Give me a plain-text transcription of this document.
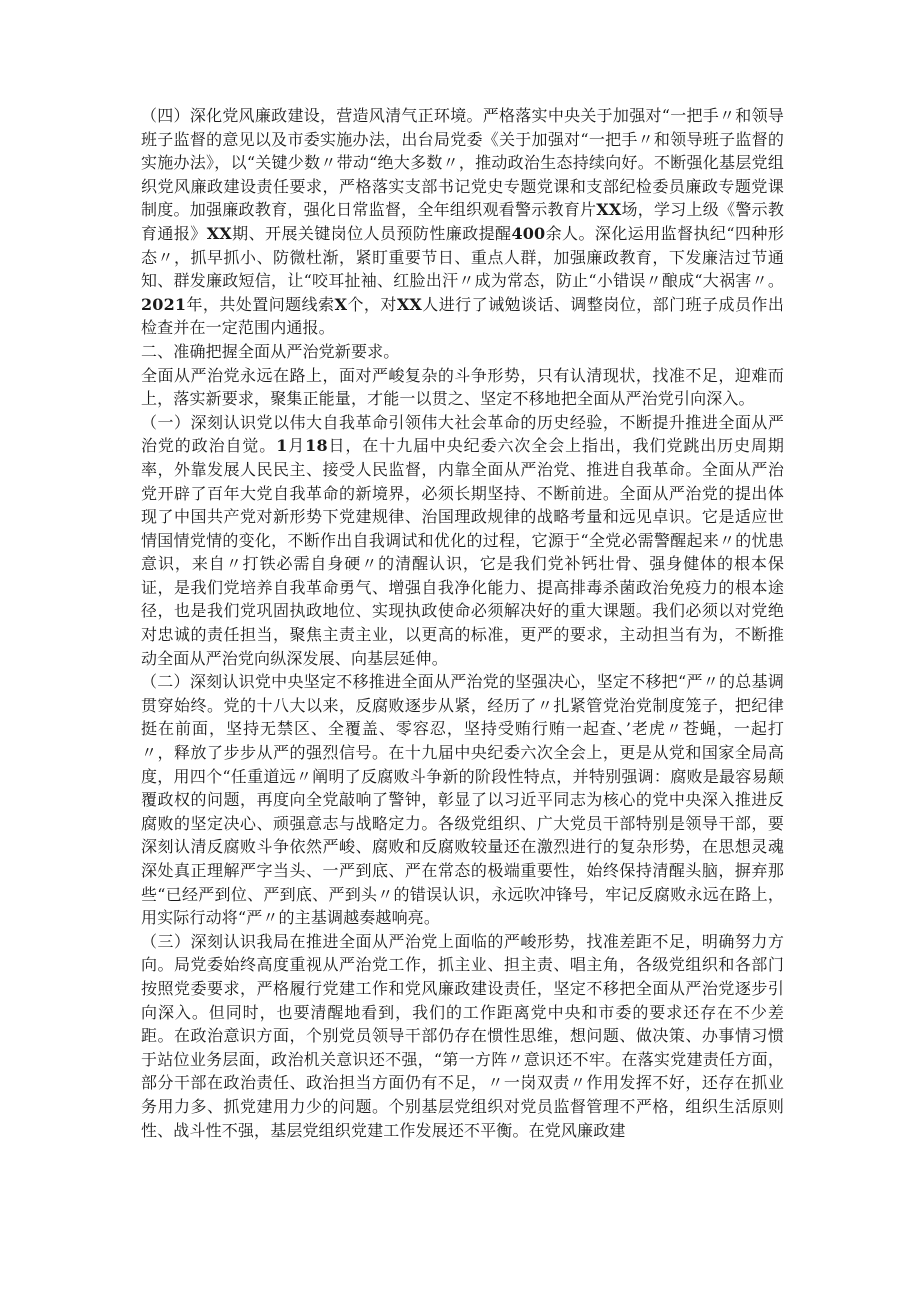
（四）深化党风廉政建设，营造风清气正环境。严格落实中央关于加强对“一把手〃和领导班子监督的意见以及市委实施办法，出台局党委《关于加强对“一把手〃和领导班子监督的实施办法》，以“关键少数〃带动“绝大多数〃，推动政治生态持续向好。不断强化基层党组织党风廉政建设责任要求，严格落实支部书记党史专题党课和支部纪检委员廉政专题党课制度。加强廉政教育，强化日常监督，全年组织观看警示教育片XX场，学习上级《警示教育通报》XX期、开展关键岗位人员预防性廉政提醒400余人。深化运用监督执纪“四种形态〃，抓早抓小、防微杜渐，紧盯重要节日、重点人群，加强廉政教育，下发廉洁过节通知、群发廉政短信，让“咬耳扯袖、红脸出汗〃成为常态，防止“小错误〃酿成“大祸害〃。2021年，共处置问题线索X个，对XX人进行了诫勉谈话、调整岗位，部门班子成员作出检查并在一定范围内通报。

二、准确把握全面从严治党新要求。

全面从严治党永远在路上，面对严峻复杂的斗争形势，只有认清现状，找准不足，迎难而上，落实新要求，聚集正能量，才能一以贯之、坚定不移地把全面从严治党引向深入。

（一）深刻认识党以伟大自我革命引领伟大社会革命的历史经验，不断提升推进全面从严治党的政治自觉。1月18日，在十九届中央纪委六次全会上指出，我们党跳出历史周期率，外靠发展人民民主、接受人民监督，内靠全面从严治党、推进自我革命。全面从严治党开辟了百年大党自我革命的新境界，必须长期坚持、不断前进。全面从严治党的提出体现了中国共产党对新形势下党建规律、治国理政规律的战略考量和远见卓识。它是适应世情国情党情的变化，不断作出自我调试和优化的过程，它源于“全党必需警醒起来〃的忧患意识，来自〃打铁必需自身硬〃的清醒认识，它是我们党补钙壮骨、强身健体的根本保证，是我们党培养自我革命勇气、增强自我净化能力、提高排毒杀菌政治免疫力的根本途径，也是我们党巩固执政地位、实现执政使命必须解决好的重大课题。我们必须以对党绝对忠诚的责任担当，聚焦主责主业，以更高的标准，更严的要求，主动担当有为，不断推动全面从严治党向纵深发展、向基层延伸。

（二）深刻认识党中央坚定不移推进全面从严治党的坚强决心，坚定不移把“严〃的总基调贯穿始终。党的十八大以来，反腐败逐步从紧，经历了〃扎紧管党治党制度笼子，把纪律挺在前面，坚持无禁区、全覆盖、零容忍，坚持受贿行贿一起查、’老虎〃苍蝇，一起打〃，释放了步步从严的强烈信号。在十九届中央纪委六次全会上，更是从党和国家全局高度，用四个“任重道远〃阐明了反腐败斗争新的阶段性特点，并特别强调：腐败是最容易颠覆政权的问题，再度向全党敲响了警钟，彰显了以习近平同志为核心的党中央深入推进反腐败的坚定决心、顽强意志与战略定力。各级党组织、广大党员干部特别是领导干部，要深刻认清反腐败斗争依然严峻、腐败和反腐败较量还在激烈进行的复杂形势，在思想灵魂深处真正理解严字当头、一严到底、严在常态的极端重要性，始终保持清醒头脑，摒弃那些“已经严到位、严到底、严到头〃的错误认识，永远吹冲锋号，牢记反腐败永远在路上，用实际行动将“严〃的主基调越奏越响亮。

（三）深刻认识我局在推进全面从严治党上面临的严峻形势，找准差距不足，明确努力方向。局党委始终高度重视从严治党工作，抓主业、担主责、唱主角，各级党组织和各部门按照党委要求，严格履行党建工作和党风廉政建设责任，坚定不移把全面从严治党逐步引向深入。但同时，也要清醒地看到，我们的工作距离党中央和市委的要求还存在不少差距。在政治意识方面，个别党员领导干部仍存在惯性思维，想问题、做决策、办事情习惯于站位业务层面，政治机关意识还不强，“第一方阵〃意识还不牢。在落实党建责任方面，部分干部在政治责任、政治担当方面仍有不足，〃一岗双责〃作用发挥不好，还存在抓业务用力多、抓党建用力少的问题。个别基层党组织对党员监督管理不严格，组织生活原则性、战斗性不强，基层党组织党建工作发展还不平衡。在党风廉政建
